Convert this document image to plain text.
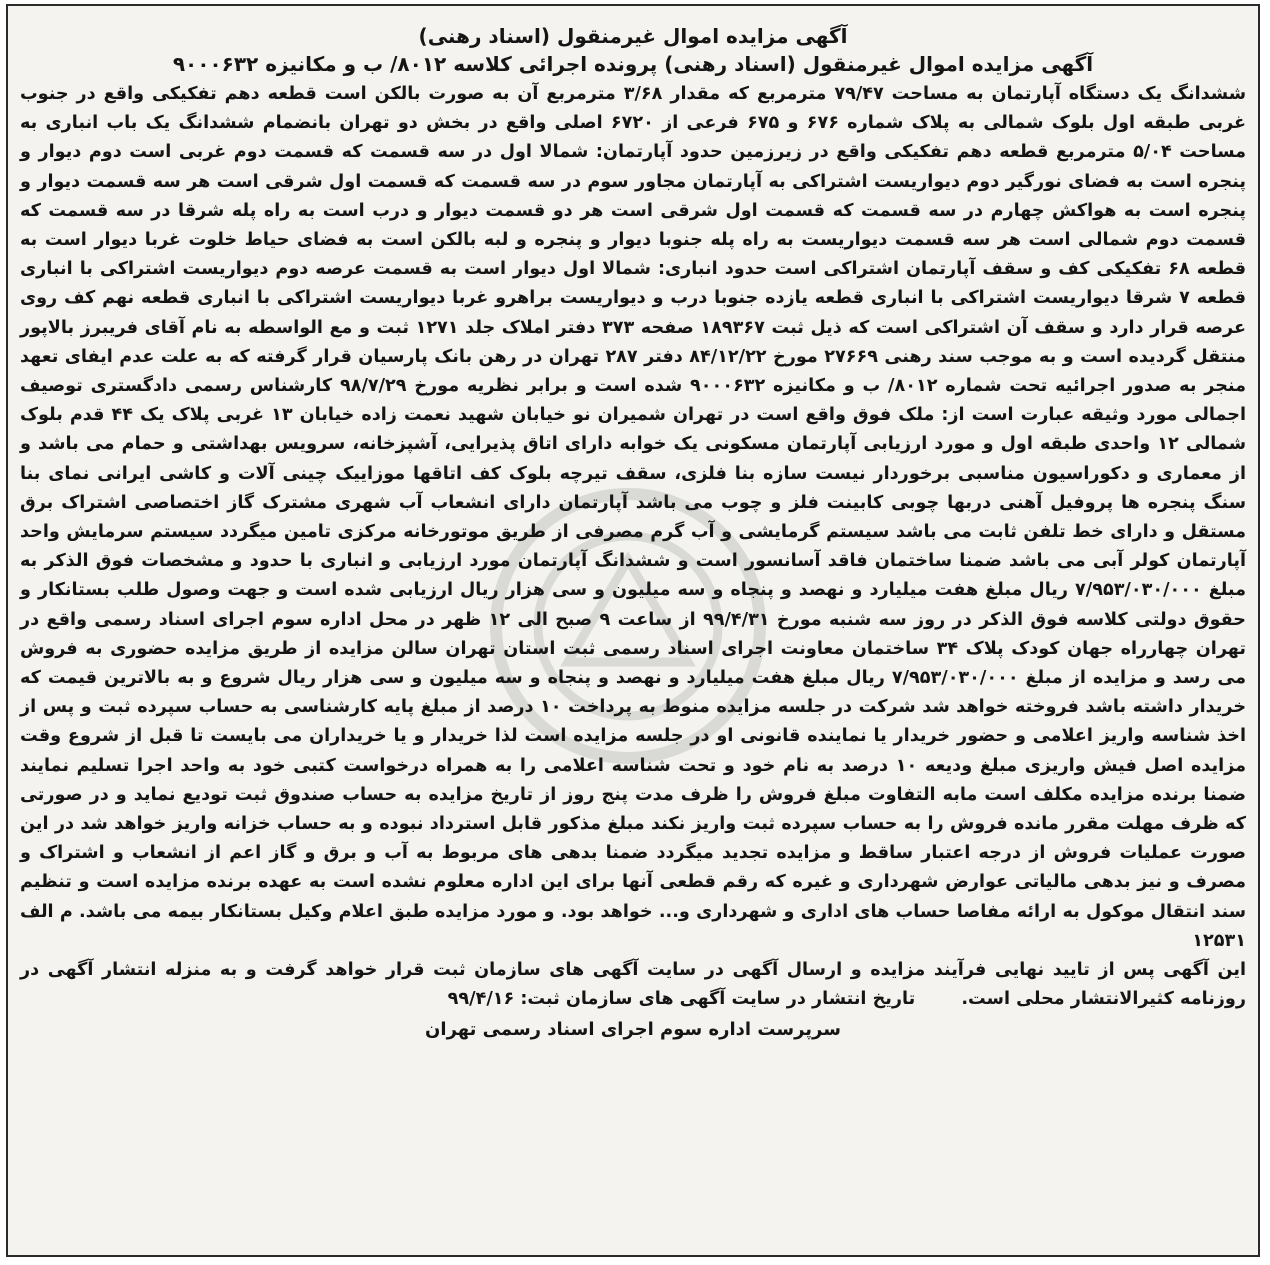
آگهی مزایده اموال غیرمنقول (اسناد رهنی)

آگهی مزایده اموال غیرمنقول (اسناد رهنی) پرونده اجرائی کلاسه ۸۰۱۲/ ب و مکانیزه ۹۰۰۰۶۳۲

ششدانگ یک دستگاه آپارتمان به مساحت ۷۹/۴۷ مترمربع که مقدار ۳/۶۸ مترمربع آن به صورت بالکن است قطعه دهم تفکیکی واقع در جنوب غربی طبقه اول بلوک شمالی به پلاک شماره ۶۷۶ و ۶۷۵ فرعی از ۶۷۲۰ اصلی واقع در بخش دو تهران بانضمام ششدانگ یک باب انباری به مساحت ۵/۰۴ مترمربع قطعه دهم تفکیکی واقع در زیرزمین حدود آپارتمان: شمالا اول در سه قسمت که قسمت دوم غربی است دوم دیوار و پنجره است به فضای نورگیر دوم دیواریست اشتراکی به آپارتمان مجاور سوم در سه قسمت که قسمت اول شرقی است هر سه قسمت دیوار و پنجره است به هواکش چهارم در سه قسمت که قسمت اول شرقی است هر دو قسمت دیوار و درب است به راه پله شرقا در سه قسمت که قسمت دوم شمالی است هر سه قسمت دیواریست به راه پله جنوبا دیوار و پنجره و لبه بالکن است به فضای حیاط خلوت غربا دیوار است به قطعه ۶۸ تفکیکی کف و سقف آپارتمان اشتراکی است حدود انباری: شمالا اول دیوار است به قسمت عرصه دوم دیواریست اشتراکی با انباری قطعه ۷ شرقا دیواریست اشتراکی با انباری قطعه یازده جنوبا درب و دیواریست براهرو غربا دیواریست اشتراکی با انباری قطعه نهم کف روی عرصه قرار دارد و سقف آن اشتراکی است که ذیل ثبت ۱۸۹۳۶۷ صفحه ۳۷۳ دفتر املاک جلد ۱۲۷۱ ثبت و مع الواسطه به نام آقای فریبرز بالاپور منتقل گردیده است و به موجب سند رهنی ۲۷۶۶۹ مورخ ۸۴/۱۲/۲۲ دفتر ۲۸۷ تهران در رهن بانک پارسیان قرار گرفته که به علت عدم ایفای تعهد منجر به صدور اجرائیه تحت شماره ۸۰۱۲/ ب و مکانیزه ۹۰۰۰۶۳۲ شده است و برابر نظریه مورخ ۹۸/۷/۲۹ کارشناس رسمی دادگستری توصیف اجمالی مورد وثیقه عبارت است از: ملک فوق واقع است در تهران شمیران نو خیابان شهید نعمت زاده خیابان ۱۳ غربی پلاک یک ۴۴ قدم بلوک شمالی ۱۲ واحدی طبقه اول و مورد ارزیابی آپارتمان مسکونی یک خوابه دارای اتاق پذیرایی، آشپزخانه، سرویس بهداشتی و حمام می باشد و از معماری و دکوراسیون مناسبی برخوردار نیست سازه بنا فلزی، سقف تیرچه بلوک کف اتاقها موزاییک چینی آلات و کاشی ایرانی نمای بنا سنگ پنجره ها پروفیل آهنی دربها چوبی کابینت فلز و چوب می باشد آپارتمان دارای انشعاب آب شهری مشترک گاز اختصاصی اشتراک برق مستقل و دارای خط تلفن ثابت می باشد سیستم گرمایشی و آب گرم مصرفی از طریق موتورخانه مرکزی تامین میگردد سیستم سرمایش واحد آپارتمان کولر آبی می باشد ضمنا ساختمان فاقد آسانسور است و ششدانگ آپارتمان مورد ارزیابی و انباری با حدود و مشخصات فوق الذکر به مبلغ ۷/۹۵۳/۰۳۰/۰۰۰ ریال مبلغ هفت میلیارد و نهصد و پنجاه و سه میلیون و سی هزار ریال ارزیابی شده است و جهت وصول طلب بستانکار و حقوق دولتی کلاسه فوق الذکر در روز سه شنبه مورخ ۹۹/۴/۳۱ از ساعت ۹ صبح الی ۱۲ ظهر در محل اداره سوم اجرای اسناد رسمی واقع در تهران چهارراه جهان کودک پلاک ۳۴ ساختمان معاونت اجرای اسناد رسمی ثبت استان تهران سالن مزایده از طریق مزایده حضوری به فروش می رسد و مزایده از مبلغ ۷/۹۵۳/۰۳۰/۰۰۰ ریال مبلغ هفت میلیارد و نهصد و پنجاه و سه میلیون و سی هزار ریال شروع و به بالاترین قیمت که خریدار داشته باشد فروخته خواهد شد شرکت در جلسه مزایده منوط به پرداخت ۱۰ درصد از مبلغ پایه کارشناسی به حساب سپرده ثبت و پس از اخذ شناسه واریز اعلامی و حضور خریدار یا نماینده قانونی او در جلسه مزایده است لذا خریدار و یا خریداران می بایست تا قبل از شروع وقت مزایده اصل فیش واریزی مبلغ ودیعه ۱۰ درصد به نام خود و تحت شناسه اعلامی را به همراه درخواست کتبی خود به واحد اجرا تسلیم نمایند ضمنا برنده مزایده مکلف است مابه التفاوت مبلغ فروش را ظرف مدت پنج روز از تاریخ مزایده به حساب صندوق ثبت تودیع نماید و در صورتی که ظرف مهلت مقرر مانده فروش را به حساب سپرده ثبت واریز نکند مبلغ مذکور قابل استرداد نبوده و به حساب خزانه واریز خواهد شد در این صورت عملیات فروش از درجه اعتبار ساقط و مزایده تجدید میگردد ضمنا بدهی های مربوط به آب و برق و گاز اعم از انشعاب و اشتراک و مصرف و نیز بدهی مالیاتی عوارض شهرداری و غیره که رقم قطعی آنها برای این اداره معلوم نشده است به عهده برنده مزایده است و تنظیم سند انتقال موکول به ارائه مفاصا حساب های اداری و شهرداری و... خواهد بود. و مورد مزایده طبق اعلام وکیل بستانکار بیمه می باشد. م الف ۱۲۵۳۱

این آگهی پس از تایید نهایی فرآیند مزایده و ارسال آگهی در سایت آگهی های سازمان ثبت قرار خواهد گرفت و به منزله انتشار آگهی در روزنامه کثیرالانتشار محلی است. تاریخ انتشار در سایت آگهی های سازمان ثبت: ۹۹/۴/۱۶

سرپرست اداره سوم اجرای اسناد رسمی تهران
